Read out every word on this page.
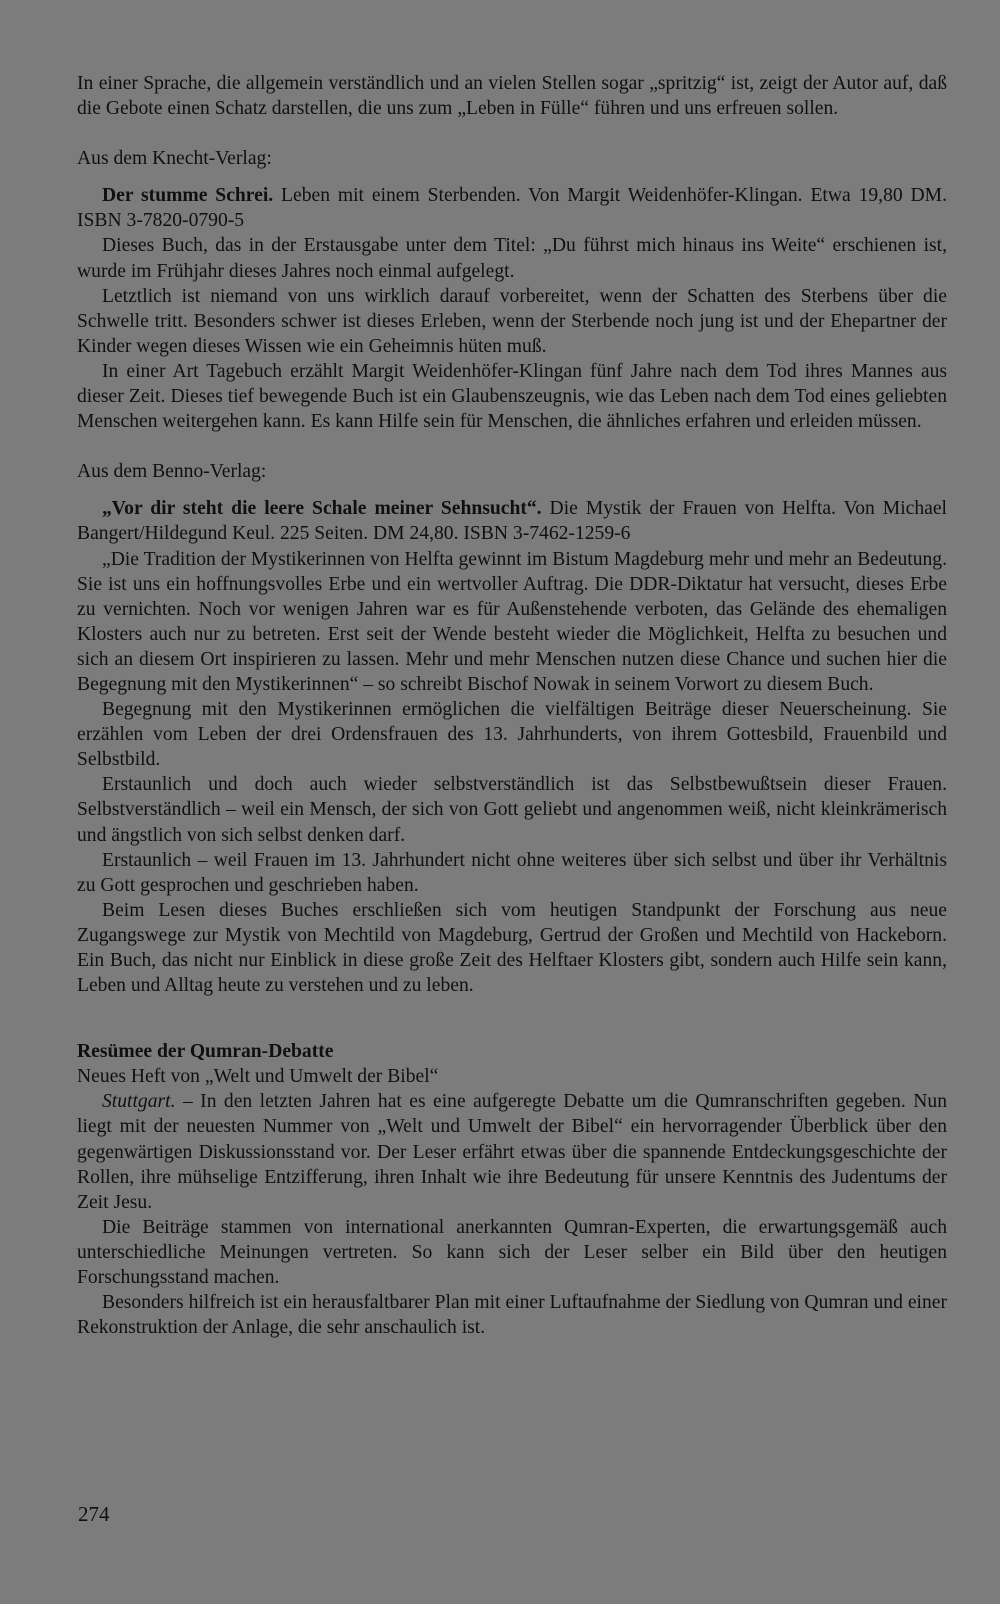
In einer Sprache, die allgemein verständlich und an vielen Stellen sogar „spritzig“ ist, zeigt der Autor auf, daß die Gebote einen Schatz darstellen, die uns zum „Leben in Fülle“ führen und uns erfreuen sollen.

Aus dem Knecht-Verlag:

Der stumme Schrei. Leben mit einem Sterbenden. Von Margit Weidenhöfer-Klingan. Etwa 19,80 DM. ISBN 3-7820-0790-5

Dieses Buch, das in der Erstausgabe unter dem Titel: „Du führst mich hinaus ins Weite“ erschienen ist, wurde im Frühjahr dieses Jahres noch einmal aufgelegt.

Letztlich ist niemand von uns wirklich darauf vorbereitet, wenn der Schatten des Sterbens über die Schwelle tritt. Besonders schwer ist dieses Erleben, wenn der Sterbende noch jung ist und der Ehepartner der Kinder wegen dieses Wissen wie ein Geheimnis hüten muß.

In einer Art Tagebuch erzählt Margit Weidenhöfer-Klingan fünf Jahre nach dem Tod ihres Mannes aus dieser Zeit. Dieses tief bewegende Buch ist ein Glaubenszeugnis, wie das Leben nach dem Tod eines geliebten Menschen weitergehen kann. Es kann Hilfe sein für Menschen, die ähnliches erfahren und erleiden müssen.

Aus dem Benno-Verlag:

„Vor dir steht die leere Schale meiner Sehnsucht“. Die Mystik der Frauen von Helfta. Von Michael Bangert/Hildegund Keul. 225 Seiten. DM 24,80. ISBN 3-7462-1259-6

„Die Tradition der Mystikerinnen von Helfta gewinnt im Bistum Magdeburg mehr und mehr an Bedeutung. Sie ist uns ein hoffnungsvolles Erbe und ein wertvoller Auftrag. Die DDR-Diktatur hat versucht, dieses Erbe zu vernichten. Noch vor wenigen Jahren war es für Außenstehende verboten, das Gelände des ehemaligen Klosters auch nur zu betreten. Erst seit der Wende besteht wieder die Möglichkeit, Helfta zu besuchen und sich an diesem Ort inspirieren zu lassen. Mehr und mehr Menschen nutzen diese Chance und suchen hier die Begegnung mit den Mystikerinnen“ – so schreibt Bischof Nowak in seinem Vorwort zu diesem Buch.

Begegnung mit den Mystikerinnen ermöglichen die vielfältigen Beiträge dieser Neuerscheinung. Sie erzählen vom Leben der drei Ordensfrauen des 13. Jahrhunderts, von ihrem Gottesbild, Frauenbild und Selbstbild.

Erstaunlich und doch auch wieder selbstverständlich ist das Selbstbewußtsein dieser Frauen. Selbstverständlich – weil ein Mensch, der sich von Gott geliebt und angenommen weiß, nicht kleinkrämerisch und ängstlich von sich selbst denken darf.

Erstaunlich – weil Frauen im 13. Jahrhundert nicht ohne weiteres über sich selbst und über ihr Verhältnis zu Gott gesprochen und geschrieben haben.

Beim Lesen dieses Buches erschließen sich vom heutigen Standpunkt der Forschung aus neue Zugangswege zur Mystik von Mechtild von Magdeburg, Gertrud der Großen und Mechtild von Hackeborn. Ein Buch, das nicht nur Einblick in diese große Zeit des Helftaer Klosters gibt, sondern auch Hilfe sein kann, Leben und Alltag heute zu verstehen und zu leben.

Resümee der Qumran-Debatte

Neues Heft von „Welt und Umwelt der Bibel“

Stuttgart. – In den letzten Jahren hat es eine aufgeregte Debatte um die Qumranschriften gegeben. Nun liegt mit der neuesten Nummer von „Welt und Umwelt der Bibel“ ein hervorragender Überblick über den gegenwärtigen Diskussionsstand vor. Der Leser erfährt etwas über die spannende Entdeckungsgeschichte der Rollen, ihre mühselige Entzifferung, ihren Inhalt wie ihre Bedeutung für unsere Kenntnis des Judentums der Zeit Jesu.

Die Beiträge stammen von international anerkannten Qumran-Experten, die erwartungsgemäß auch unterschiedliche Meinungen vertreten. So kann sich der Leser selber ein Bild über den heutigen Forschungsstand machen.

Besonders hilfreich ist ein herausfaltbarer Plan mit einer Luftaufnahme der Siedlung von Qumran und einer Rekonstruktion der Anlage, die sehr anschaulich ist.

274
